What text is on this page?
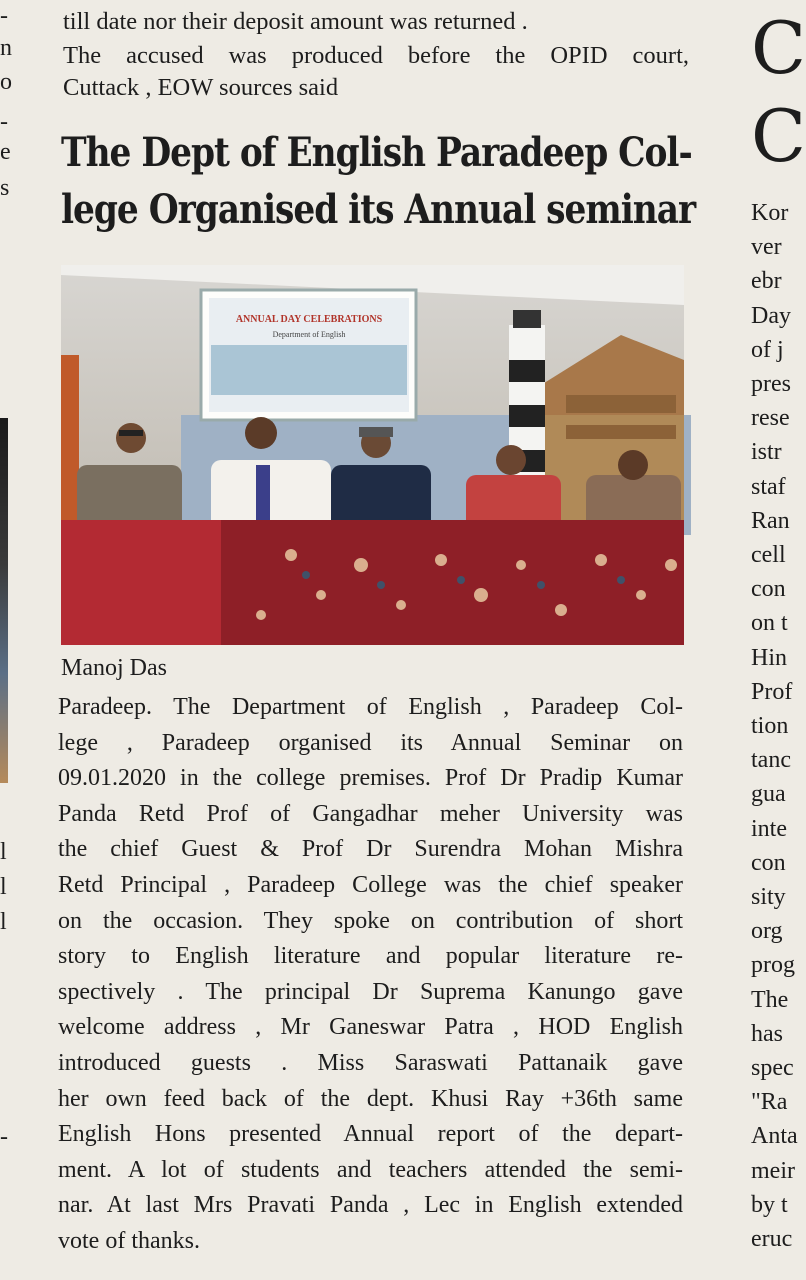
-
n
o
-
e
s
l
l
l
-

till date nor their deposit amount was returned .

The accused was produced before the OPID court,

Cuttack , EOW sources said

The Dept of English Paradeep Col-
lege Organised its Annual seminar
ANNUAL DAY CELEBRATIONS
Department of English
Manoj Das
Paradeep. The Department of English , Paradeep Col-
lege , Paradeep organised its Annual Seminar on
09.01.2020 in the college premises. Prof Dr Pradip Kumar
Panda Retd Prof of Gangadhar meher University was
the chief Guest & Prof Dr Surendra Mohan Mishra
Retd Principal , Paradeep College was the chief speaker
on the occasion. They spoke on contribution of short
story to English literature and popular literature re-
spectively . The principal Dr Suprema Kanungo gave
welcome address , Mr Ganeswar Patra , HOD English
introduced guests . Miss Saraswati Pattanaik gave
her own feed back of the dept. Khusi Ray +36th same
English Hons presented Annual report of the depart-
ment. A lot of students and teachers attended the semi-
nar. At last Mrs Pravati Panda , Lec in English extended
vote of thanks.
C
C
Kor
ver
ebr
Day
of j
pres
rese
istr
staf
Ran
cell
con
on t
Hin
Prof
tion
tanc
gua
inte
con
sity
org
prog
The
has
spec
"Ra
Anta
meir
by t
eruc
